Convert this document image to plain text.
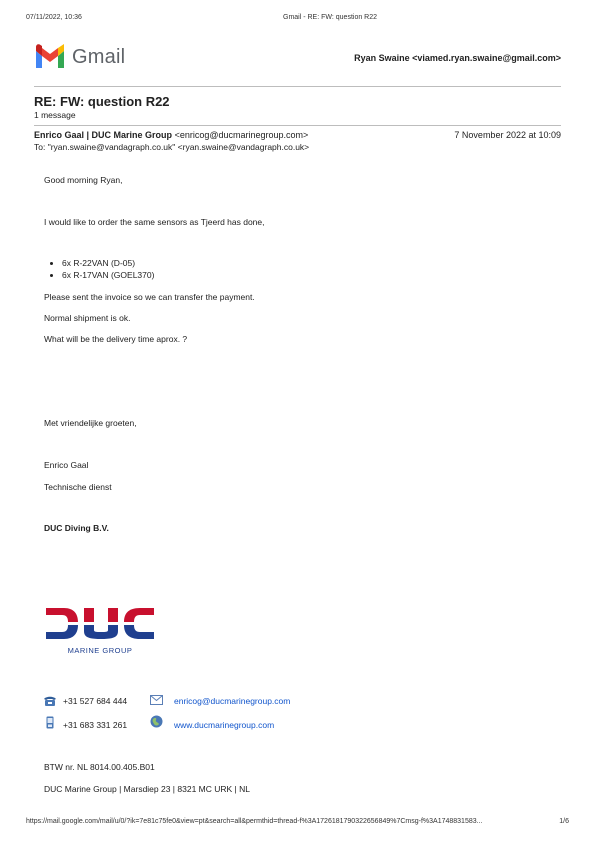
07/11/2022, 10:36	Gmail - RE: FW: question R22
Gmail	Ryan Swaine <viamed.ryan.swaine@gmail.com>
RE: FW: question R22
1 message
Enrico Gaal | DUC Marine Group <enricog@ducmarinegroup.com>	7 November 2022 at 10:09
To: "ryan.swaine@vandagraph.co.uk" <ryan.swaine@vandagraph.co.uk>
Good morning Ryan,
I would like to order the same sensors as Tjeerd has done,
• 6x R-22VAN (D-05)
• 6x R-17VAN (GOEL370)
Please sent the invoice so we can transfer the payment.
Normal shipment is ok.
What will be the delivery time aprox. ?
Met vriendelijke groeten,
Enrico Gaal
Technische dienst
DUC Diving B.V.
MARINE GROUP
+31 527 684 444	enricog@ducmarinegroup.com
+31 683 331 261	www.ducmarinegroup.com
BTW nr. NL 8014.00.405.B01
DUC Marine Group | Marsdiep 23 | 8321 MC URK | NL
https://mail.google.com/mail/u/0/?ik=7e81c75fe0&view=pt&search=all&permthid=thread-f%3A1726181790322656849%7Cmsg-f%3A1748831583...	1/6
